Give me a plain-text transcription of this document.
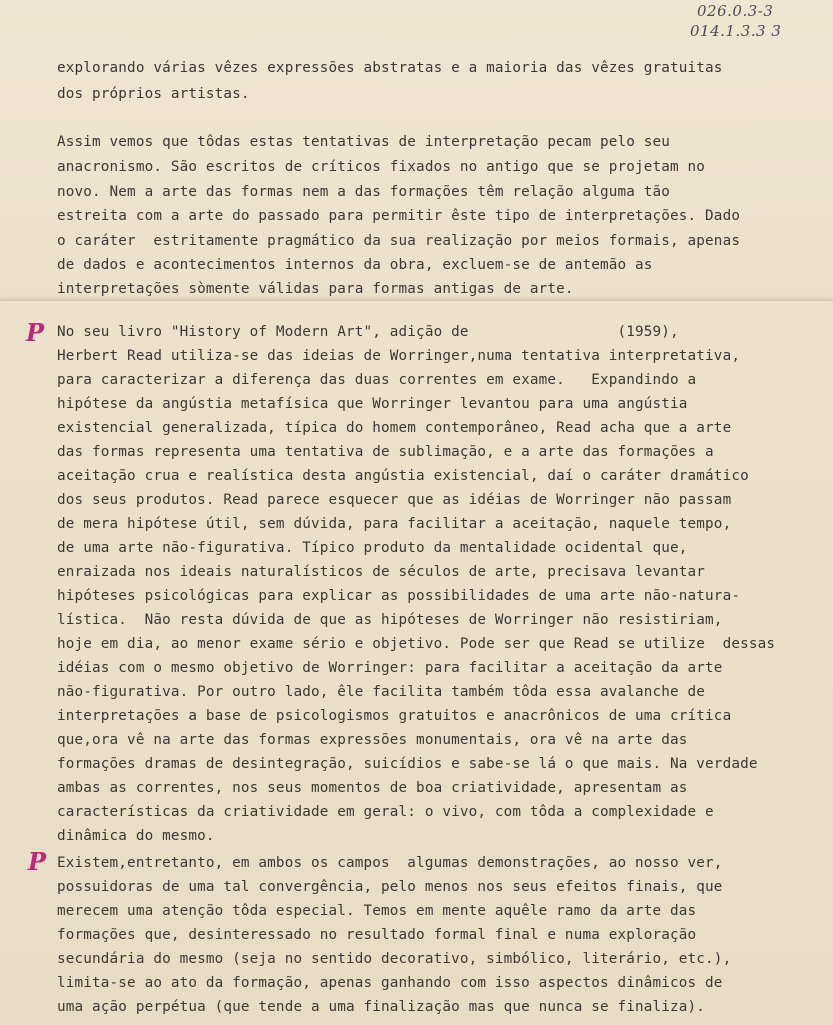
026.0.3-3
014.1.3.3 3
P
P
explorando várias vêzes expressões abstratas e a maioria das vêzes gratuitas
dos próprios artistas.
Assim vemos que tôdas estas tentativas de interpretação pecam pelo seu
anacronismo. São escritos de críticos fixados no antigo que se projetam no
novo. Nem a arte das formas nem a das formações têm relação alguma tão
estreita com a arte do passado para permitir êste tipo de interpretações. Dado
o caráter  estritamente pragmático da sua realização por meios formais, apenas
de dados e acontecimentos internos da obra, excluem-se de antemão as
interpretações sòmente válidas para formas antigas de arte.
No seu livro "History of Modern Art", adição de                 (1959),
Herbert Read utiliza-se das ideias de Worringer,numa tentativa interpretativa,
para caracterizar a diferença das duas correntes em exame.   Expandindo a
hipótese da angústia metafísica que Worringer levantou para uma angústia
existencial generalizada, típica do homem contemporâneo, Read acha que a arte
das formas representa uma tentativa de sublimação, e a arte das formações a
aceitação crua e realística desta angústia existencial, daí o caráter dramático
dos seus produtos. Read parece esquecer que as idéias de Worringer não passam
de mera hipótese útil, sem dúvida, para facilitar a aceitação, naquele tempo,
de uma arte não-figurativa. Típico produto da mentalidade ocidental que,
enraizada nos ideais naturalísticos de séculos de arte, precisava levantar
hipóteses psicológicas para explicar as possibilidades de uma arte não-natura-
lística.  Não resta dúvida de que as hipóteses de Worringer não resistiriam,
hoje em dia, ao menor exame sério e objetivo. Pode ser que Read se utilize  dessas
idéias com o mesmo objetivo de Worringer: para facilitar a aceitação da arte
não-figurativa. Por outro lado, êle facilita também tôda essa avalanche de
interpretações a base de psicologismos gratuitos e anacrônicos de uma crítica
que,ora vê na arte das formas expressões monumentais, ora vê na arte das
formações dramas de desintegração, suicídios e sabe-se lá o que mais. Na verdade
ambas as correntes, nos seus momentos de boa criatividade, apresentam as
características da criatividade em geral: o vivo, com tôda a complexidade e
dinâmica do mesmo.
Existem,entretanto, em ambos os campos  algumas demonstrações, ao nosso ver,
possuidoras de uma tal convergência, pelo menos nos seus efeitos finais, que
merecem uma atenção tôda especial. Temos em mente aquêle ramo da arte das
formações que, desinteressado no resultado formal final e numa exploração
secundária do mesmo (seja no sentido decorativo, simbólico, literário, etc.),
limita-se ao ato da formação, apenas ganhando com isso aspectos dinâmicos de
uma ação perpétua (que tende a uma finalização mas que nunca se finaliza).
